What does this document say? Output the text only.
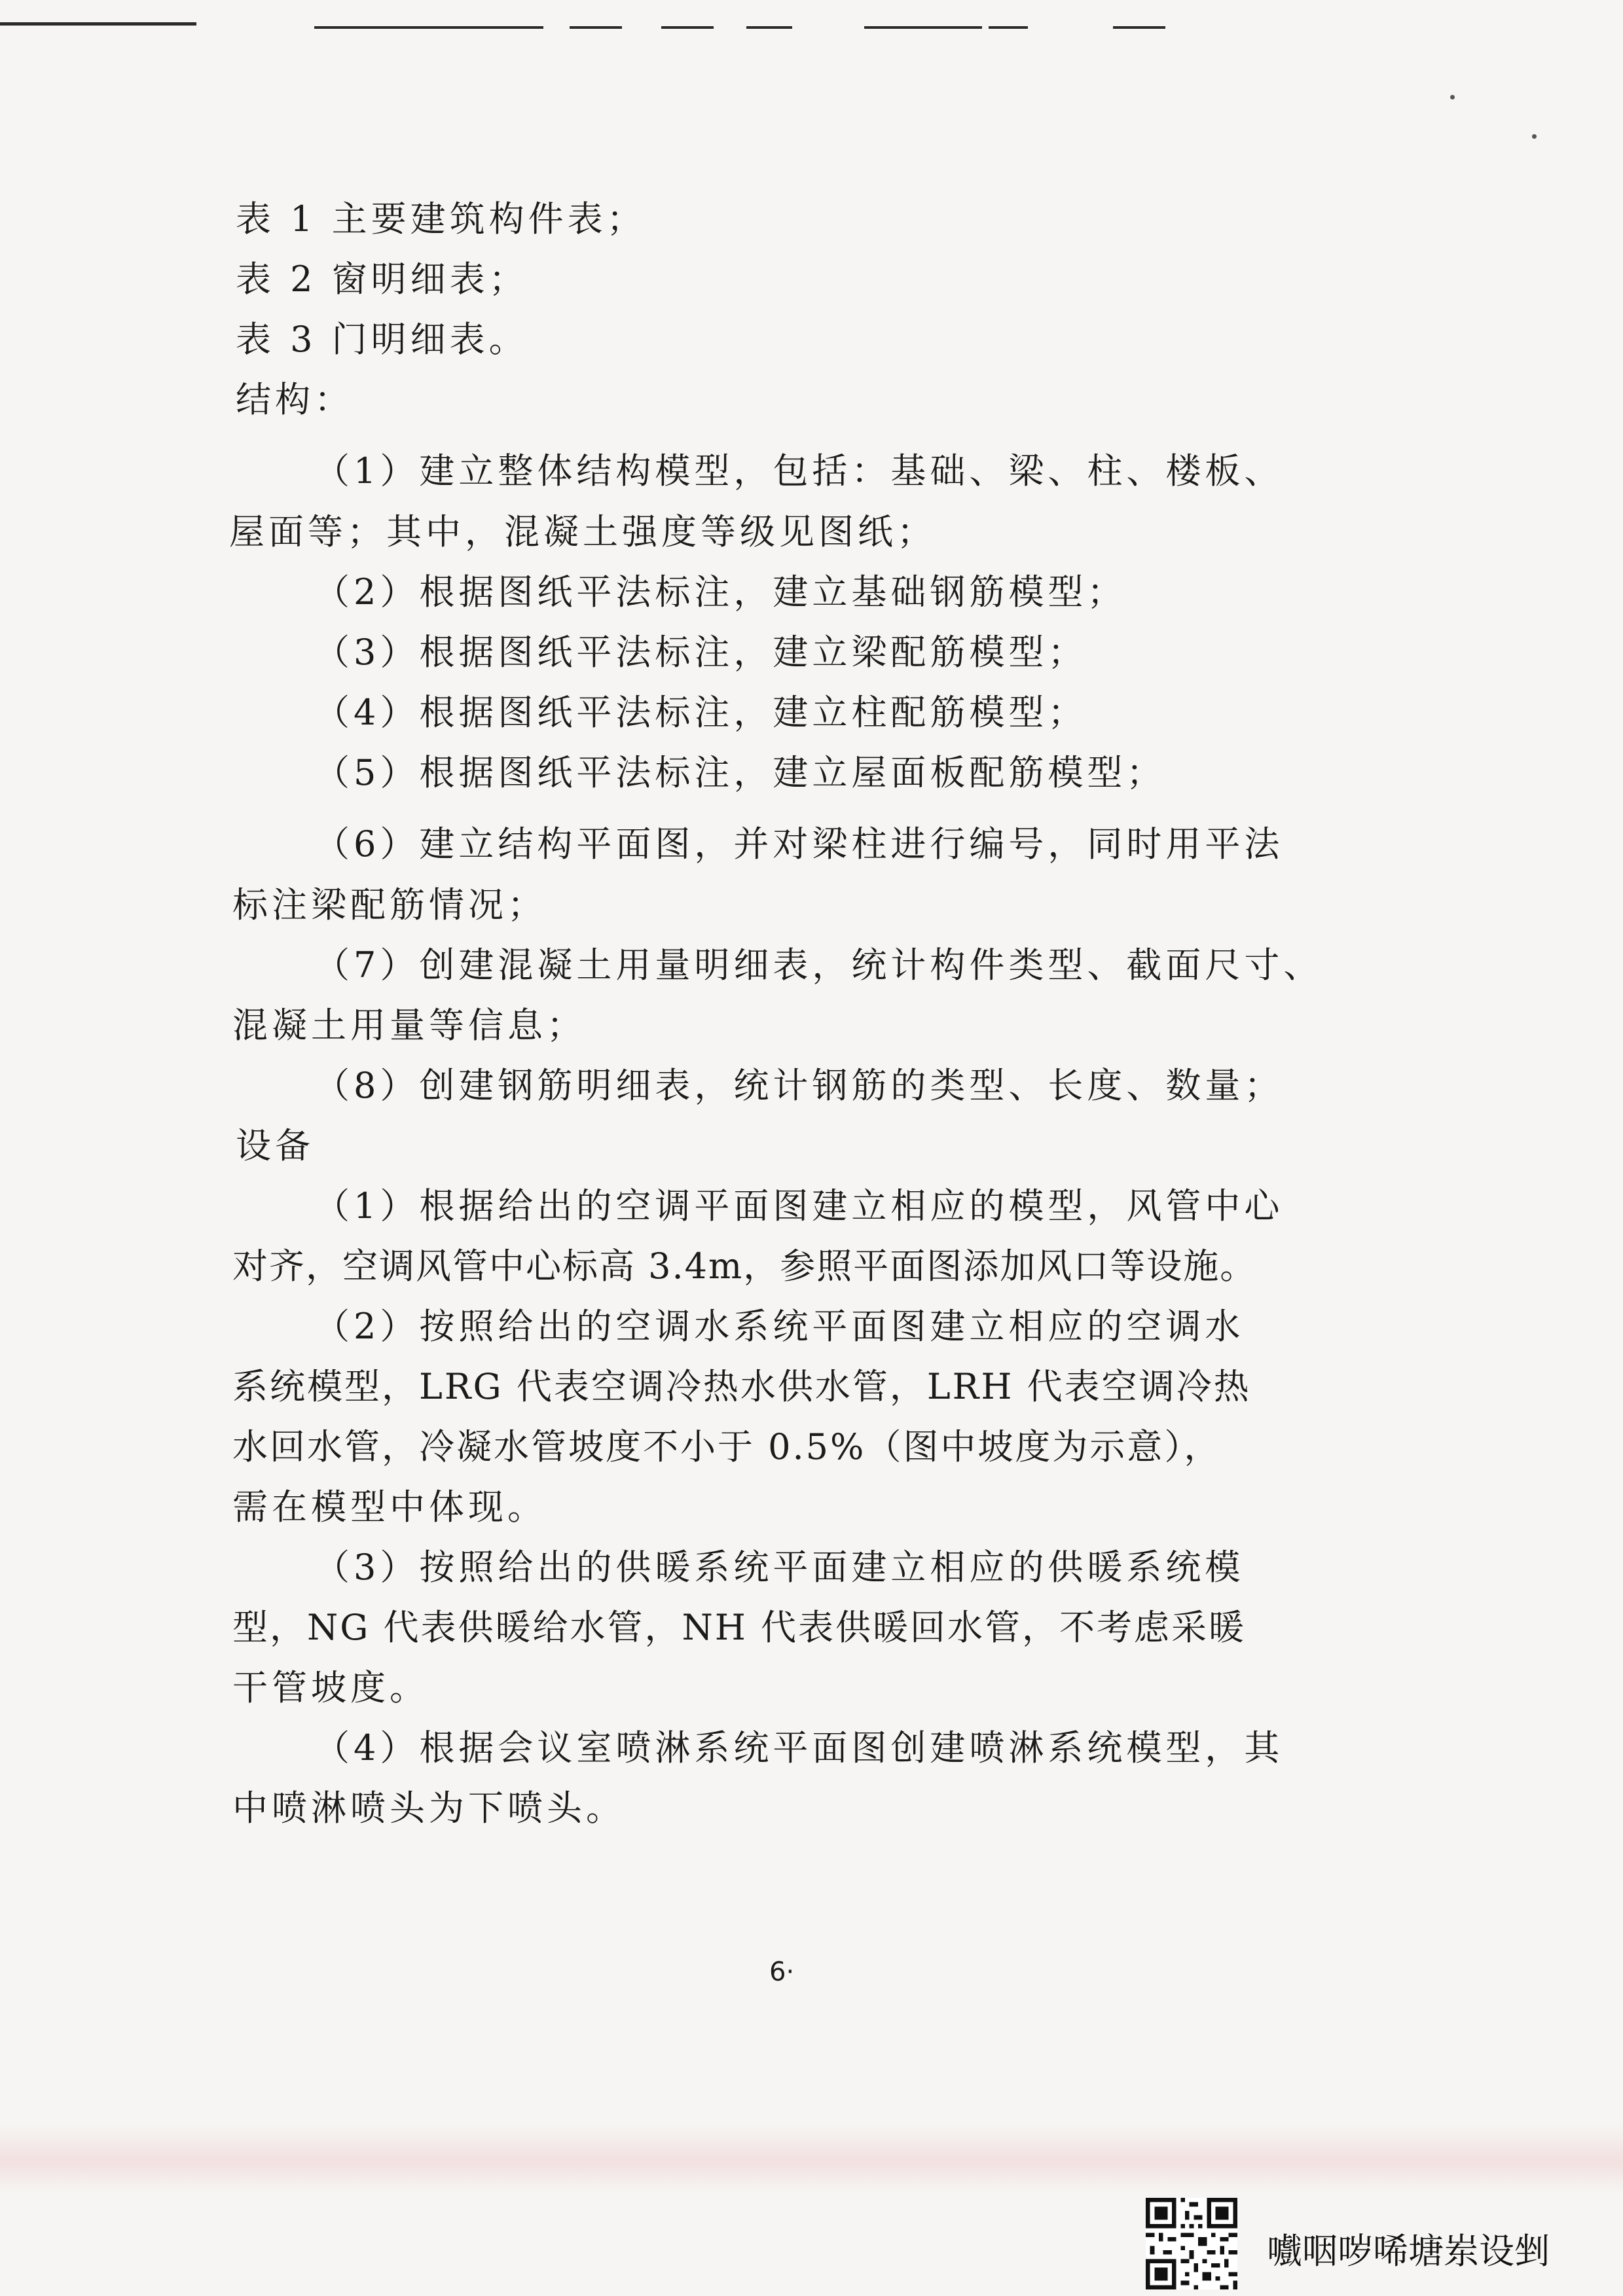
表 1 主要建筑构件表；
表 2 窗明细表；
表 3 门明细表。
结构：
（1）建立整体结构模型，包括：基础、梁、柱、楼板、
屋面等；其中，混凝土强度等级见图纸；
（2）根据图纸平法标注，建立基础钢筋模型；
（3）根据图纸平法标注，建立梁配筋模型；
（4）根据图纸平法标注，建立柱配筋模型；
（5）根据图纸平法标注，建立屋面板配筋模型；
（6）建立结构平面图，并对梁柱进行编号，同时用平法
标注梁配筋情况；
（7）创建混凝土用量明细表，统计构件类型、截面尺寸、
混凝土用量等信息；
（8）创建钢筋明细表，统计钢筋的类型、长度、数量；
设备
（1）根据给出的空调平面图建立相应的模型，风管中心
对齐，空调风管中心标高 3.4m，参照平面图添加风口等设施。
（2）按照给出的空调水系统平面图建立相应的空调水
系统模型，LRG 代表空调冷热水供水管，LRH 代表空调冷热
水回水管，冷凝水管坡度不小于 0.5%（图中坡度为示意），
需在模型中体现。
（3）按照给出的供暖系统平面建立相应的供暖系统模
型，NG 代表供暖给水管，NH 代表供暖回水管，不考虑采暖
干管坡度。
（4）根据会议室喷淋系统平面图创建喷淋系统模型，其
中喷淋喷头为下喷头。
6·
嚱咽哕唏塘岽设剉
